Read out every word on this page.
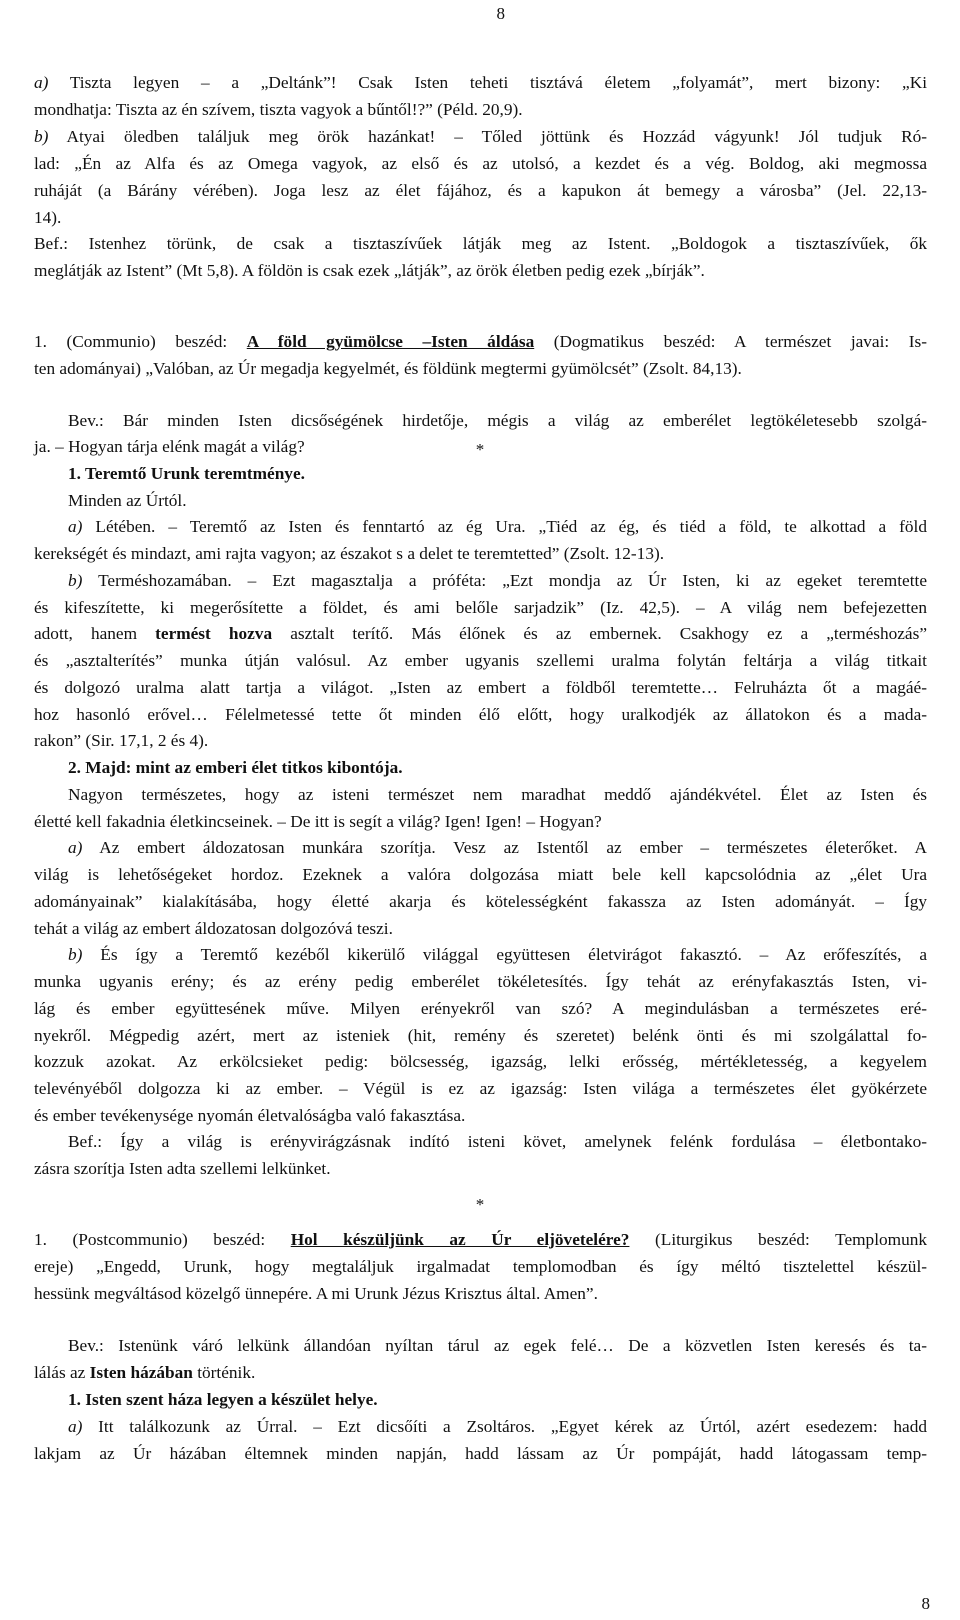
8
a) Tiszta legyen – a „Deltánk”! Csak Isten teheti tisztává életem „folyamát”, mert bizony: „Ki
mondhatja: Tiszta az én szívem, tiszta vagyok a bűntől!?” (Péld. 20,9).
b) Atyai öledben találjuk meg örök hazánkat! – Tőled jöttünk és Hozzád vágyunk! Jól tudjuk Ró-
lad: „Én az Alfa és az Omega vagyok, az első és az utolsó, a kezdet és a vég. Boldog, aki megmossa
ruháját (a Bárány vérében). Joga lesz az élet fájához, és a kapukon át bemegy a városba” (Jel. 22,13-
14).
Bef.: Istenhez törünk, de csak a tisztaszívűek látják meg az Istent. „Boldogok a tisztaszívűek, ők
meglátják az Istent” (Mt 5,8). A földön is csak ezek „látják”, az örök életben pedig ezek „bírják”.
1. (Communio) beszéd: A föld gyümölcse –Isten áldása (Dogmatikus beszéd: A természet javai: Is-
ten adományai) „Valóban, az Úr megadja kegyelmét, és földünk megtermi gyümölcsét” (Zsolt. 84,13).
Bev.: Bár minden Isten dicsőségének hirdetője, mégis a világ az emberélet legtökéletesebb szolgá-
ja. – Hogyan tárja elénk magát a világ?
1. Teremtő Urunk teremtménye.
Minden az Úrtól.
a) Létében. – Teremtő az Isten és fenntartó az ég Ura. „Tiéd az ég, és tiéd a föld, te alkottad a föld
kerekségét és mindazt, ami rajta vagyon; az északot s a delet te teremtetted” (Zsolt. 12-13).
b) Terméshozamában. – Ezt magasztalja a próféta: „Ezt mondja az Úr Isten, ki az egeket teremtette
és kifeszítette, ki megerősítette a földet, és ami belőle sarjadzik” (Iz. 42,5). – A világ nem befejezetten
adott, hanem termést hozva asztalt terítő. Más élőnek és az embernek. Csakhogy ez a „terméshozás”
és „asztalterítés” munka útján valósul. Az ember ugyanis szellemi uralma folytán feltárja a világ titkait
és dolgozó uralma alatt tartja a világot. „Isten az embert a földből teremtette… Felruházta őt a magáé-
hoz hasonló erővel… Félelmetessé tette őt minden élő előtt, hogy uralkodjék az állatokon és a mada-
rakon” (Sir. 17,1, 2 és 4).
2. Majd: mint az emberi élet titkos kibontója.
Nagyon természetes, hogy az isteni természet nem maradhat meddő ajándékvétel. Élet az Isten és
életté kell fakadnia életkincseinek. – De itt is segít a világ? Igen! Igen! – Hogyan?
a) Az embert áldozatosan munkára szorítja. Vesz az Istentől az ember – természetes életerőket. A
világ is lehetőségeket hordoz. Ezeknek a valóra dolgozása miatt bele kell kapcsolódnia az „élet Ura
adományainak” kialakításába, hogy életté akarja és kötelességként fakassza az Isten adományát. – Így
tehát a világ az embert áldozatosan dolgozóvá teszi.
b) És így a Teremtő kezéből kikerülő világgal együttesen életvirágot fakasztó. – Az erőfeszítés, a
munka ugyanis erény; és az erény pedig emberélet tökéletesítés. Így tehát az erényfakasztás Isten, vi-
lág és ember együttesének műve. Milyen erényekről van szó? A megindulásban a természetes eré-
nyekről. Mégpedig azért, mert az isteniek (hit, remény és szeretet) belénk önti és mi szolgálattal fo-
kozzuk azokat. Az erkölcsieket pedig: bölcsesség, igazság, lelki erősség, mértékletesség, a kegyelem
televényéből dolgozza ki az ember. – Végül is ez az igazság: Isten világa a természetes élet gyökérzete
és ember tevékenysége nyomán életvalóságba való fakasztása.
Bef.: Így a világ is erényvirágzásnak indító isteni követ, amelynek felénk fordulása – életbontako-
zásra szorítja Isten adta szellemi lelkünket.
1. (Postcommunio) beszéd: Hol készüljünk az Úr eljövetelére? (Liturgikus beszéd: Templomunk
ereje) „Engedd, Urunk, hogy megtaláljuk irgalmadat templomodban és így méltó tisztelettel készül-
hessünk megváltásod közelgő ünnepére. A mi Urunk Jézus Krisztus által. Amen”.
Bev.: Istenünk váró lelkünk állandóan nyíltan tárul az egek felé… De a közvetlen Isten keresés és ta-
lálás az Isten házában történik.
1. Isten szent háza legyen a készület helye.
a) Itt találkozunk az Úrral. – Ezt dicsőíti a Zsoltáros. „Egyet kérek az Úrtól, azért esedezem: hadd
lakjam az Úr házában éltemnek minden napján, hadd lássam az Úr pompáját, hadd látogassam temp-
*
*
8
